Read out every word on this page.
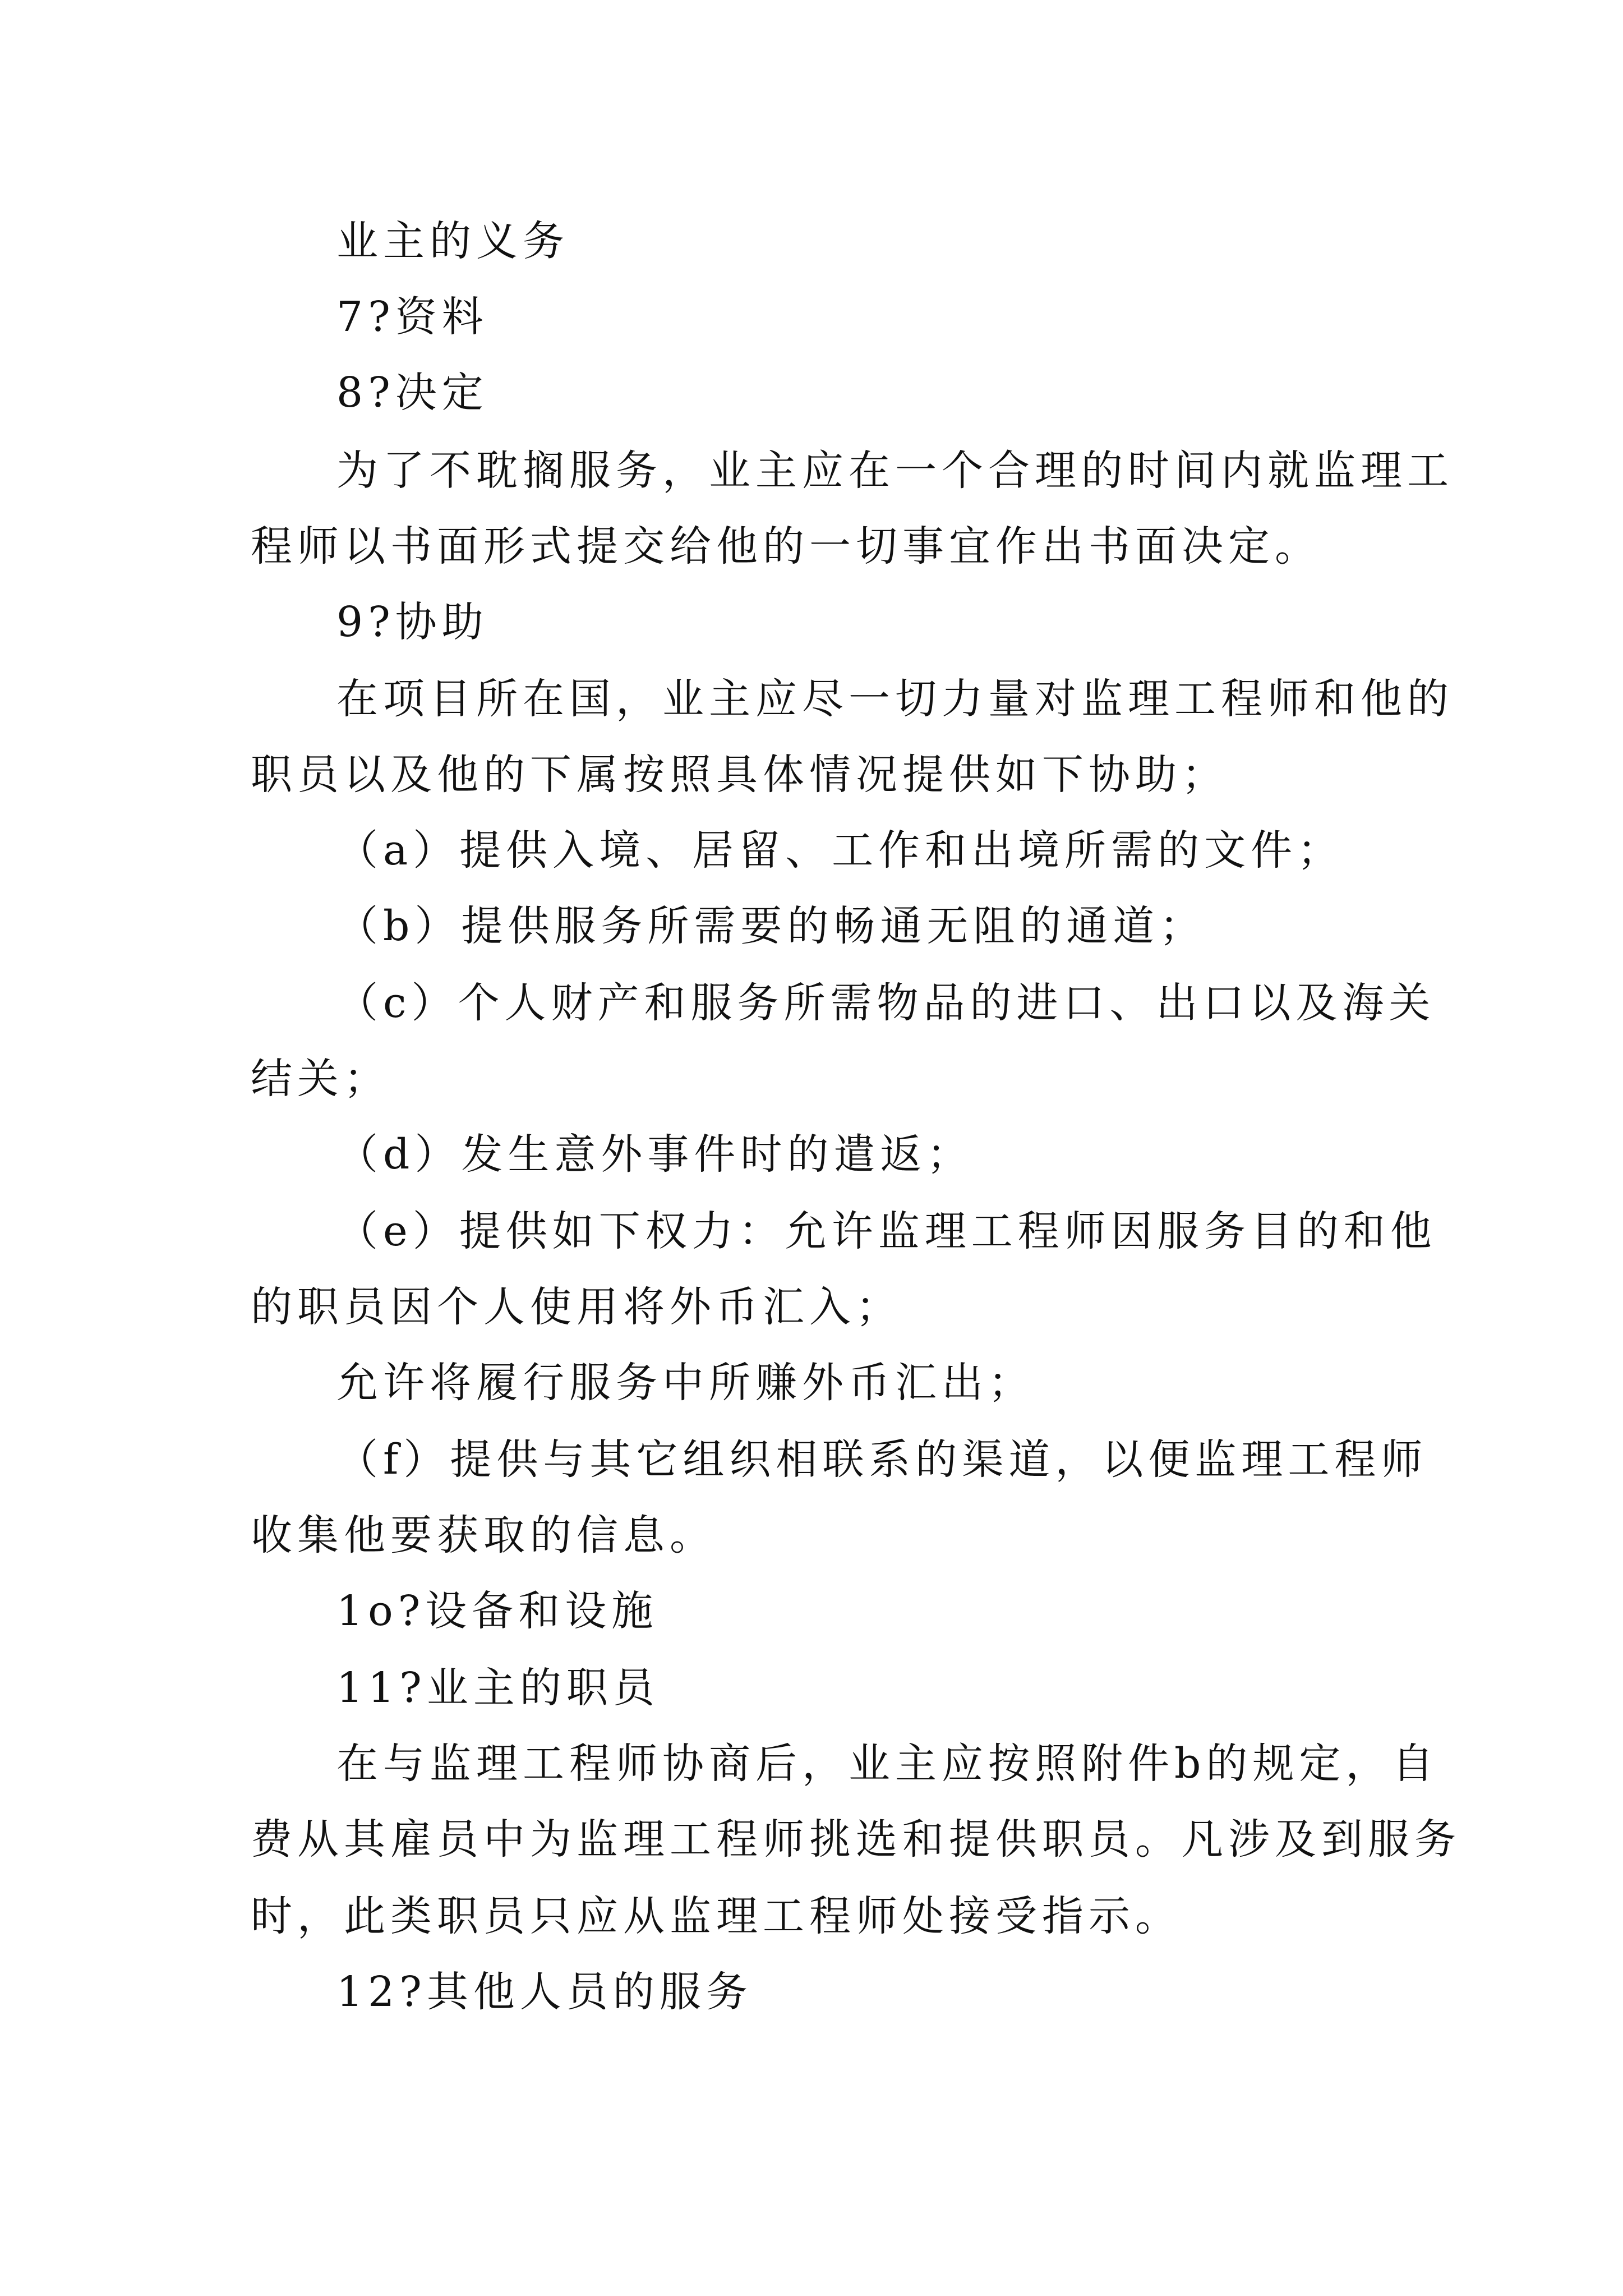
业主的义务
7?资料
8?决定
为了不耽搁服务，业主应在一个合理的时间内就监理工
程师以书面形式提交给他的一切事宜作出书面决定。
9?协助
在项目所在国，业主应尽一切力量对监理工程师和他的
职员以及他的下属按照具体情况提供如下协助；
（a）提供入境、居留、工作和出境所需的文件；
（b）提供服务所需要的畅通无阻的通道；
（c）个人财产和服务所需物品的进口、出口以及海关
结关；
（d）发生意外事件时的遣返；
（e）提供如下权力：允许监理工程师因服务目的和他
的职员因个人使用将外币汇入；
允许将履行服务中所赚外币汇出；
（f）提供与其它组织相联系的渠道，以便监理工程师
收集他要获取的信息。
1o?设备和设施
11?业主的职员
在与监理工程师协商后，业主应按照附件b的规定，自
费从其雇员中为监理工程师挑选和提供职员。凡涉及到服务
时，此类职员只应从监理工程师处接受指示。
12?其他人员的服务
